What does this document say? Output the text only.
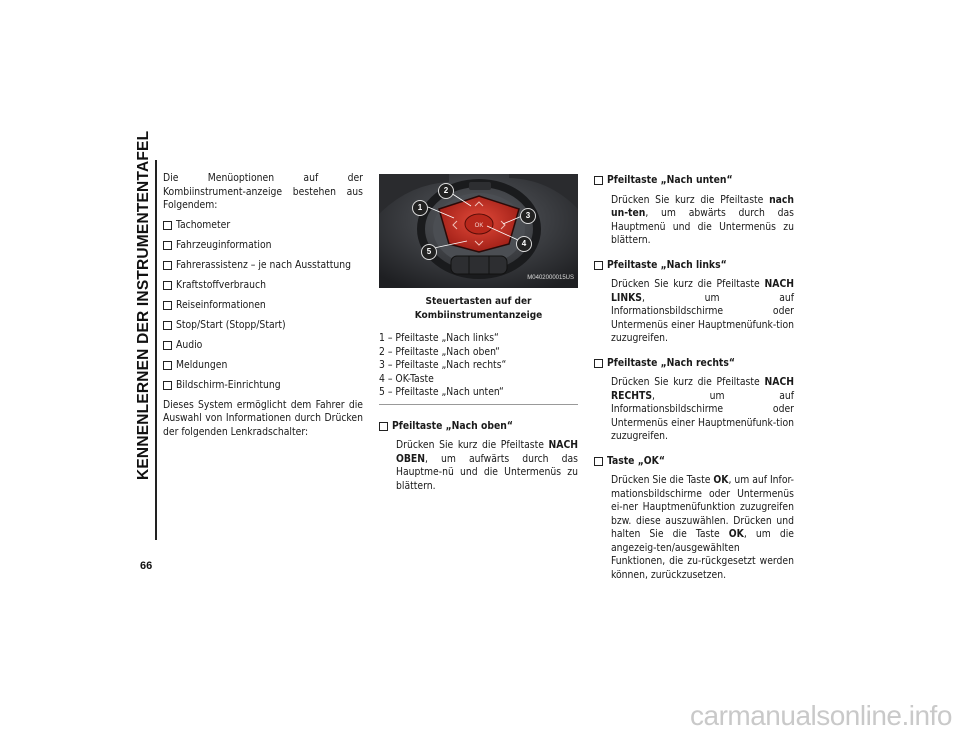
KENNENLERNEN DER INSTRUMENTENTAFEL
66

Die Menüoptionen auf der Kombiinstrument-anzeige bestehen aus Folgendem:

Tachometer
Fahrzeuginformation
Fahrerassistenz – je nach Ausstattung
Kraftstoffverbrauch
Reiseinformationen
Stop/Start (Stopp/Start)
Audio
Meldungen
Bildschirm-Einrichtung

Dieses System ermöglicht dem Fahrer die Auswahl von Informationen durch Drücken der folgenden Lenkradschalter:

OK
1
2
3
4
5
M0402000015US
Steuertasten auf der Kombiinstrumentanzeige
1 – Pfeiltaste „Nach links“
2 – Pfeiltaste „Nach oben“
3 – Pfeiltaste „Nach rechts“
4 – OK-Taste
5 – Pfeiltaste „Nach unten“
Pfeiltaste „Nach oben“

Drücken Sie kurz die Pfeiltaste NACH OBEN, um aufwärts durch das Hauptme-nü und die Untermenüs zu blättern.

Pfeiltaste „Nach unten“

Drücken Sie kurz die Pfeiltaste nach un-ten, um abwärts durch das Hauptmenü und die Untermenüs zu blättern.

Pfeiltaste „Nach links“

Drücken Sie kurz die Pfeiltaste NACH LINKS, um auf Informationsbildschirme oder Untermenüs einer Hauptmenüfunk-tion zuzugreifen.

Pfeiltaste „Nach rechts“

Drücken Sie kurz die Pfeiltaste NACH RECHTS, um auf Informationsbildschirme oder Untermenüs einer Hauptmenüfunk-tion zuzugreifen.

Taste „OK“

Drücken Sie die Taste OK, um auf Infor-mationsbildschirme oder Untermenüs ei-ner Hauptmenüfunktion zuzugreifen bzw. diese auszuwählen. Drücken und halten Sie die Taste OK, um die angezeig-ten/ausgewählten Funktionen, die zu-rückgesetzt werden können, zurückzusetzen.

carmanualsonline.info
